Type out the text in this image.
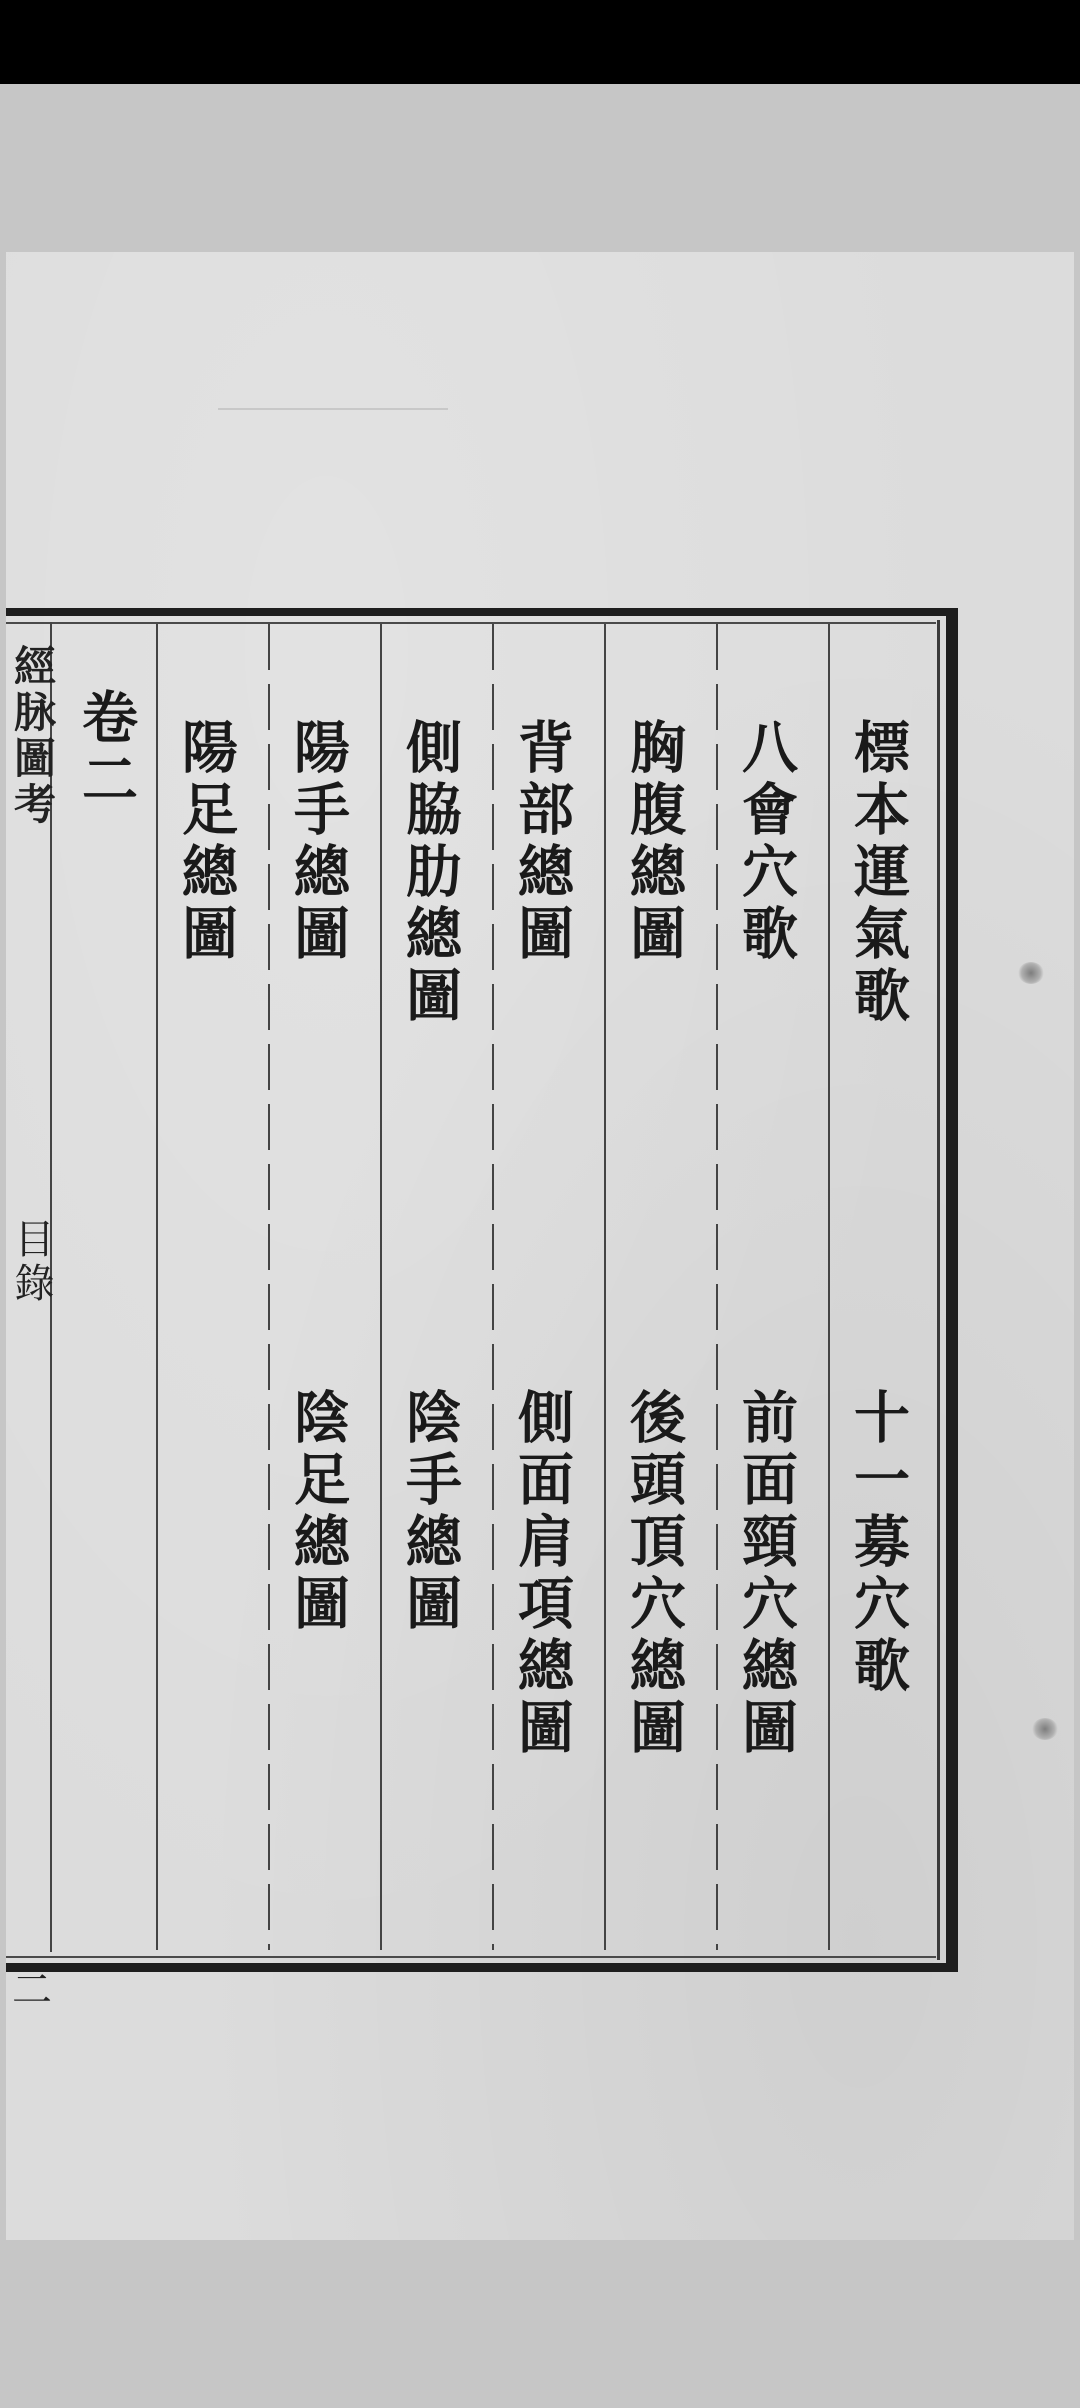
經脉圖考
目錄
二
標本運氣歌
十一募穴歌
八會穴歌
前面頸穴總圖
胸腹總圖
後頭頂穴總圖
背部總圖
側面肩項總圖
側脇肋總圖
陰手總圖
陽手總圖
陰足總圖
陽足總圖
卷二
